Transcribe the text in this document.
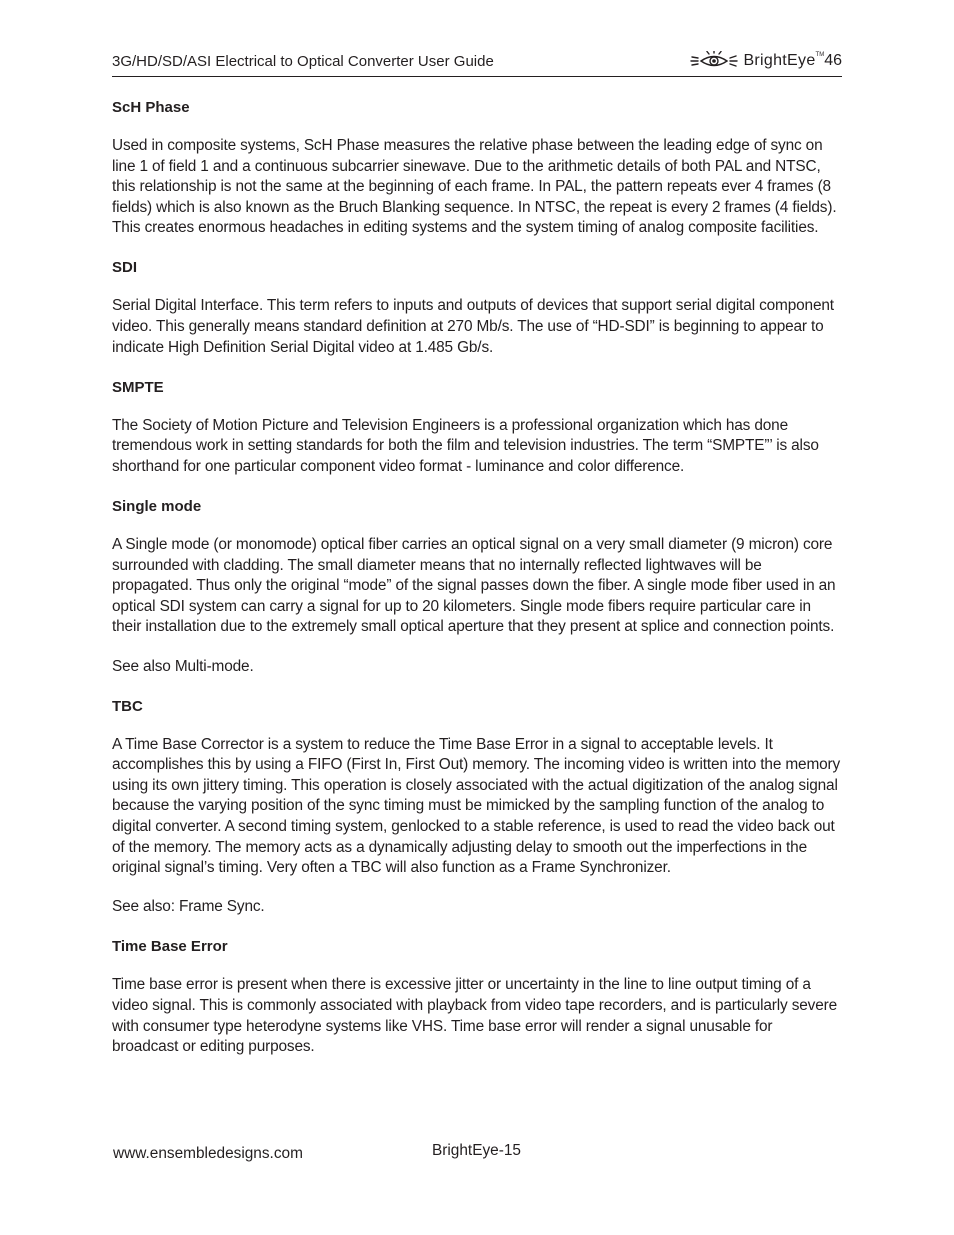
3G/HD/SD/ASI Electrical to Optical Converter User Guide	BrightEye TM 46
ScH Phase

Used in composite systems, ScH Phase measures the relative phase between the leading edge of sync on line 1 of field 1 and a continuous subcarrier sinewave. Due to the arithmetic details of both PAL and NTSC, this relationship is not the same at the beginning of each frame. In PAL, the pattern repeats ever 4 frames (8 fields) which is also known as the Bruch Blanking sequence. In NTSC, the repeat is every 2 frames (4 fields). This creates enormous headaches in editing systems and the system timing of analog composite facilities.

SDI

Serial Digital Interface. This term refers to inputs and outputs of devices that support serial digital component video. This generally means standard definition at 270 Mb/s. The use of “HD-SDI” is beginning to appear to indicate High Definition Serial Digital video at 1.485 Gb/s.

SMPTE

The Society of Motion Picture and Television Engineers is a professional organization which has done tremendous work in setting standards for both the film and television industries. The term “SMPTE”’ is also shorthand for one particular component video format - luminance and color difference.

Single mode

A Single mode (or monomode) optical fiber carries an optical signal on a very small diameter (9 micron) core surrounded with cladding. The small diameter means that no internally reflected lightwaves will be propagated. Thus only the original “mode” of the signal passes down the fiber. A single mode fiber used in an optical SDI system can carry a signal for up to 20 kilometers. Single mode fibers require particular care in their installation due to the extremely small optical aperture that they present at splice and connection points.

See also Multi-mode.

TBC

A Time Base Corrector is a system to reduce the Time Base Error in a signal to acceptable levels. It accomplishes this by using a FIFO (First In, First Out) memory. The incoming video is written into the memory using its own jittery timing. This operation is closely associated with the actual digitization of the analog signal because the varying position of the sync timing must be mimicked by the sampling function of the analog to digital converter. A second timing system, genlocked to a stable reference, is used to read the video back out of the memory. The memory acts as a dynamically adjusting delay to smooth out the imperfections in the original signal’s timing. Very often a TBC will also function as a Frame Synchronizer.

See also: Frame Sync.

Time Base Error

Time base error is present when there is excessive jitter or uncertainty in the line to line output timing of a video signal. This is commonly associated with playback from video tape recorders, and is particularly severe with consumer type heterodyne systems like VHS. Time base error will render a signal unusable for broadcast or editing purposes.

www.ensembledesigns.com	BrightEye-15
